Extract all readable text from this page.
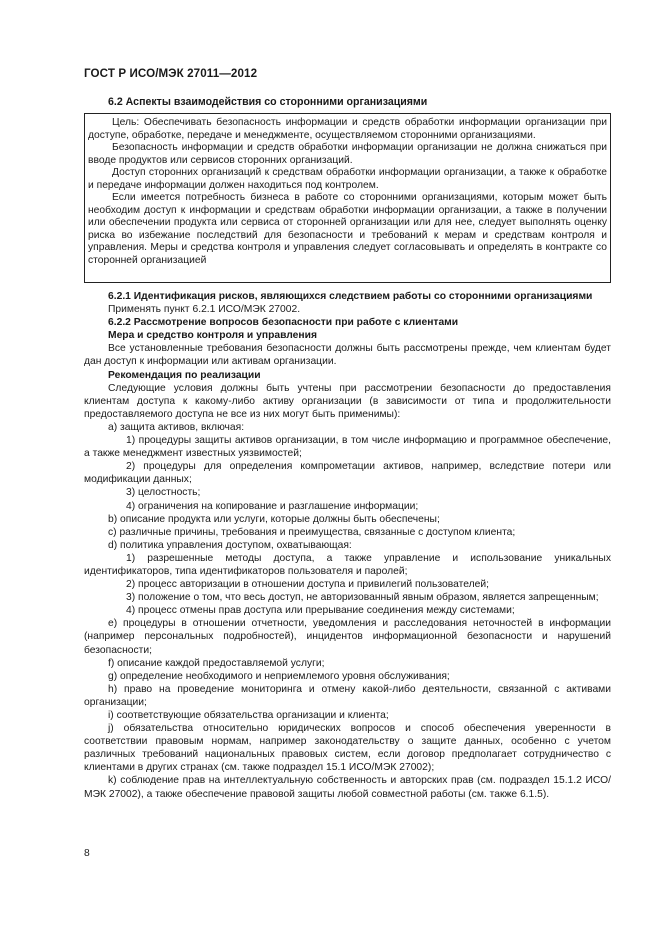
ГОСТ Р ИСО/МЭК 27011—2012
6.2 Аспекты взаимодействия со сторонними организациями

Цель: Обеспечивать безопасность информации и средств обработки информации организации при доступе, обработке, передаче и менеджменте, осуществляемом сторонними организациями.

Безопасность информации и средств обработки информации организации не должна снижаться при вводе продуктов или сервисов сторонних организаций.

Доступ сторонних организаций к средствам обработки информации организации, а также к обработке и передаче информации должен находиться под контролем.

Если имеется потребность бизнеса в работе со сторонними организациями, которым может быть необходим доступ к информации и средствам обработки информации организации, а также в получении или обеспечении продукта или сервиса от сторонней организации или для нее, следует выполнять оценку риска во избежание последствий для безопасности и требований к мерам и средствам контроля и управления. Меры и средства контроля и управления следует согласовывать и определять в контракте со сторонней организацией

6.2.1 Идентификация рисков, являющихся следствием работы со сторонними организациями

Применять пункт 6.2.1 ИСО/МЭК 27002.

6.2.2 Рассмотрение вопросов безопасности при работе с клиентами

Мера и средство контроля и управления

Все установленные требования безопасности должны быть рассмотрены прежде, чем клиентам будет дан доступ к информации или активам организации.

Рекомендация по реализации

Следующие условия должны быть учтены при рассмотрении безопасности до предоставления клиентам доступа к какому-либо активу организации (в зависимости от типа и продолжительности предоставляемого доступа не все из них могут быть применимы):

a) защита активов, включая:

1) процедуры защиты активов организации, в том числе информацию и программное обеспечение, а также менеджмент известных уязвимостей;

2) процедуры для определения компрометации активов, например, вследствие потери или модификации данных;

3) целостность;

4) ограничения на копирование и разглашение информации;

b) описание продукта или услуги, которые должны быть обеспечены;

c) различные причины, требования и преимущества, связанные с доступом клиента;

d) политика управления доступом, охватывающая:

1) разрешенные методы доступа, а также управление и использование уникальных идентификаторов, типа идентификаторов пользователя и паролей;

2) процесс авторизации в отношении доступа и привилегий пользователей;

3) положение о том, что весь доступ, не авторизованный явным образом, является запрещенным;

4) процесс отмены прав доступа или прерывание соединения между системами;

e) процедуры в отношении отчетности, уведомления и расследования неточностей в информации (например персональных подробностей), инцидентов информационной безопасности и нарушений безопасности;

f) описание каждой предоставляемой услуги;

g) определение необходимого и неприемлемого уровня обслуживания;

h) право на проведение мониторинга и отмену какой-либо деятельности, связанной с активами организации;

i) соответствующие обязательства организации и клиента;

j) обязательства относительно юридических вопросов и способ обеспечения уверенности в соответствии правовым нормам, например законодательству о защите данных, особенно с учетом различных требований национальных правовых систем, если договор предполагает сотрудничество с клиентами в других странах (см. также подраздел 15.1 ИСО/МЭК 27002);

k) соблюдение прав на интеллектуальную собственность и авторских прав (см. подраздел 15.1.2 ИСО/МЭК 27002), а также обеспечение правовой защиты любой совместной работы (см. также 6.1.5).

8
